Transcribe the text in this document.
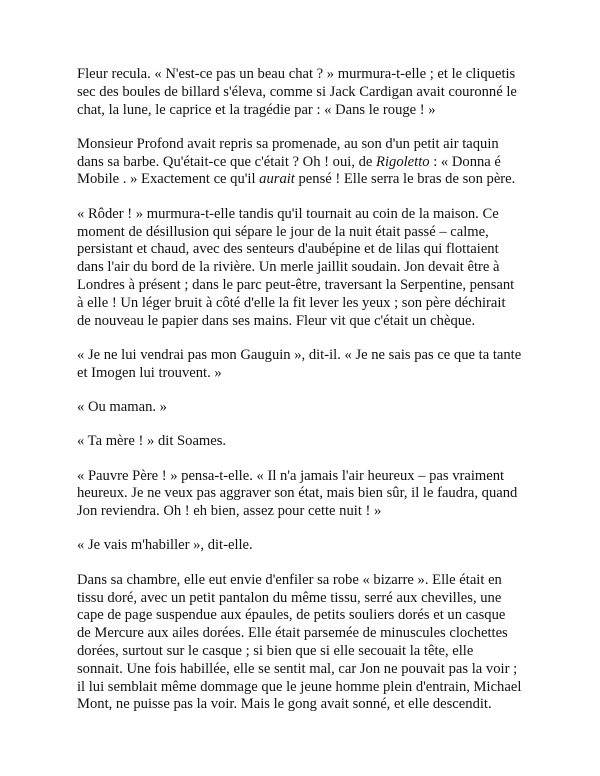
Fleur recula. « N'est-ce pas un beau chat ? » murmura-t-elle ; et le cliquetis
sec des boules de billard s'éleva, comme si Jack Cardigan avait couronné le
chat, la lune, le caprice et la tragédie par : « Dans le rouge ! »

Monsieur Profond avait repris sa promenade, au son d'un petit air taquin
dans sa barbe. Qu'était-ce que c'était ? Oh ! oui, de Rigoletto : « Donna é
Mobile . » Exactement ce qu'il aurait pensé ! Elle serra le bras de son père.

« Rôder ! » murmura-t-elle tandis qu'il tournait au coin de la maison. Ce
moment de désillusion qui sépare le jour de la nuit était passé – calme,
persistant et chaud, avec des senteurs d'aubépine et de lilas qui flottaient
dans l'air du bord de la rivière. Un merle jaillit soudain. Jon devait être à
Londres à présent ; dans le parc peut-être, traversant la Serpentine, pensant
à elle ! Un léger bruit à côté d'elle la fit lever les yeux ; son père déchirait
de nouveau le papier dans ses mains. Fleur vit que c'était un chèque.

« Je ne lui vendrai pas mon Gauguin », dit-il. « Je ne sais pas ce que ta tante
et Imogen lui trouvent. »

« Ou maman. »

« Ta mère ! » dit Soames.

« Pauvre Père ! » pensa-t-elle. « Il n'a jamais l'air heureux – pas vraiment
heureux. Je ne veux pas aggraver son état, mais bien sûr, il le faudra, quand
Jon reviendra. Oh ! eh bien, assez pour cette nuit ! »

« Je vais m'habiller », dit-elle.

Dans sa chambre, elle eut envie d'enfiler sa robe « bizarre ». Elle était en
tissu doré, avec un petit pantalon du même tissu, serré aux chevilles, une
cape de page suspendue aux épaules, de petits souliers dorés et un casque
de Mercure aux ailes dorées. Elle était parsemée de minuscules clochettes
dorées, surtout sur le casque ; si bien que si elle secouait la tête, elle
sonnait. Une fois habillée, elle se sentit mal, car Jon ne pouvait pas la voir ;
il lui semblait même dommage que le jeune homme plein d'entrain, Michael
Mont, ne puisse pas la voir. Mais le gong avait sonné, et elle descendit.
